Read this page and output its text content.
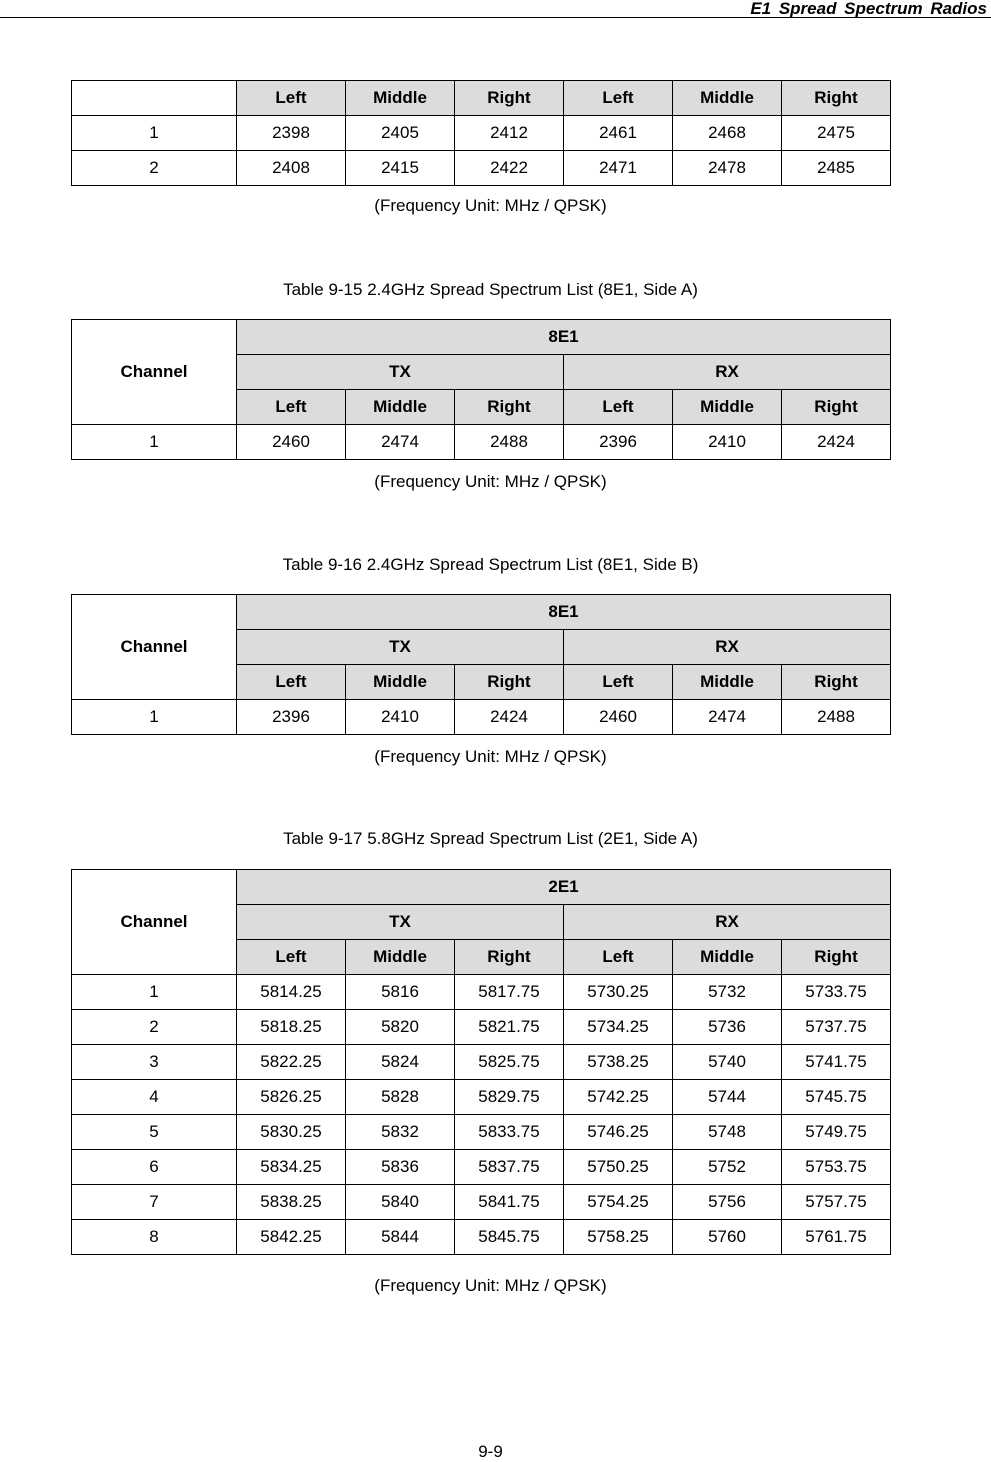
E1 Spread Spectrum Radios
	Left	Middle	Right	Left	Middle	Right
1	2398	2405	2412	2461	2468	2475
2	2408	2415	2422	2471	2478	2485
(Frequency Unit: MHz / QPSK)
Table 9-15 2.4GHz Spread Spectrum List (8E1, Side A)
Channel	8E1					
	TX			RX		
	Left	Middle	Right	Left	Middle	Right
1	2460	2474	2488	2396	2410	2424
(Frequency Unit: MHz / QPSK)
Table 9-16 2.4GHz Spread Spectrum List (8E1, Side B)
Channel	8E1					
	TX			RX		
	Left	Middle	Right	Left	Middle	Right
1	2396	2410	2424	2460	2474	2488
(Frequency Unit: MHz / QPSK)
Table 9-17 5.8GHz Spread Spectrum List (2E1, Side A)
Channel	2E1					
	TX			RX		
	Left	Middle	Right	Left	Middle	Right
1	5814.25	5816	5817.75	5730.25	5732	5733.75
2	5818.25	5820	5821.75	5734.25	5736	5737.75
3	5822.25	5824	5825.75	5738.25	5740	5741.75
4	5826.25	5828	5829.75	5742.25	5744	5745.75
5	5830.25	5832	5833.75	5746.25	5748	5749.75
6	5834.25	5836	5837.75	5750.25	5752	5753.75
7	5838.25	5840	5841.75	5754.25	5756	5757.75
8	5842.25	5844	5845.75	5758.25	5760	5761.75
(Frequency Unit: MHz / QPSK)
9-9
